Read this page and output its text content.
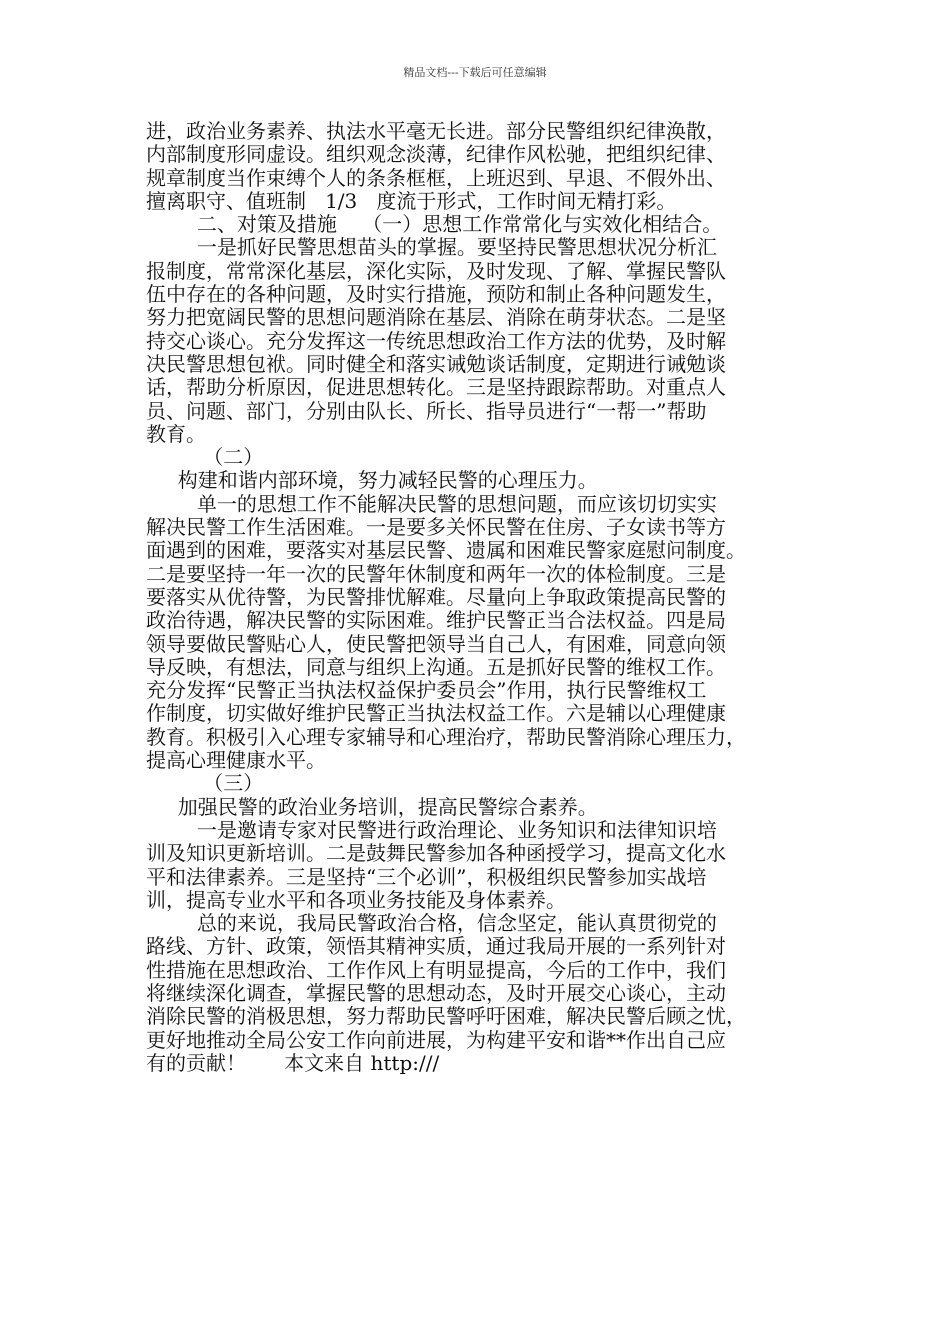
精品文档---下载后可任意编辑
进，政治业务素养、执法水平毫无长进。部分民警组织纪律涣散，
内部制度形同虚设。组织观念淡薄，纪律作风松驰，把组织纪律、
规章制度当作束缚个人的条条框框，上班迟到、早退、不假外出、
擅离职守、值班制   1/3   度流于形式，工作时间无精打彩。
二、对策及措施    （一）思想工作常常化与实效化相结合。
一是抓好民警思想苗头的掌握。要坚持民警思想状况分析汇
报制度，常常深化基层，深化实际，及时发现、了解、掌握民警队
伍中存在的各种问题，及时实行措施，预防和制止各种问题发生，
努力把宽阔民警的思想问题消除在基层、消除在萌芽状态。二是坚
持交心谈心。充分发挥这一传统思想政治工作方法的优势，及时解
决民警思想包袱。同时健全和落实诫勉谈话制度，定期进行诫勉谈
话，帮助分析原因，促进思想转化。三是坚持跟踪帮助。对重点人
员、问题、部门，分别由队长、所长、指导员进行“一帮一”帮助
教育。
（二）
构建和谐内部环境，努力减轻民警的心理压力。
单一的思想工作不能解决民警的思想问题，而应该切切实实
解决民警工作生活困难。一是要多关怀民警在住房、子女读书等方
面遇到的困难，要落实对基层民警、遗属和困难民警家庭慰问制度。
二是要坚持一年一次的民警年休制度和两年一次的体检制度。三是
要落实从优待警，为民警排忧解难。尽量向上争取政策提高民警的
政治待遇，解决民警的实际困难。维护民警正当合法权益。四是局
领导要做民警贴心人，使民警把领导当自己人，有困难，同意向领
导反映，有想法，同意与组织上沟通。五是抓好民警的维权工作。
充分发挥“民警正当执法权益保护委员会”作用，执行民警维权工
作制度，切实做好维护民警正当执法权益工作。六是辅以心理健康
教育。积极引入心理专家辅导和心理治疗，帮助民警消除心理压力，
提高心理健康水平。
（三）
加强民警的政治业务培训，提高民警综合素养。
一是邀请专家对民警进行政治理论、业务知识和法律知识培
训及知识更新培训。二是鼓舞民警参加各种函授学习，提高文化水
平和法律素养。三是坚持“三个必训”，积极组织民警参加实战培
训，提高专业水平和各项业务技能及身体素养。
总的来说，我局民警政治合格，信念坚定，能认真贯彻党的
路线、方针、政策，领悟其精神实质，通过我局开展的一系列针对
性措施在思想政治、工作作风上有明显提高，今后的工作中，我们
将继续深化调查，掌握民警的思想动态，及时开展交心谈心，主动
消除民警的消极思想，努力帮助民警呼吁困难，解决民警后顾之忧，
更好地推动全局公安工作向前进展，为构建平安和谐**作出自己应
有的贡献！      本文来自 http:///
